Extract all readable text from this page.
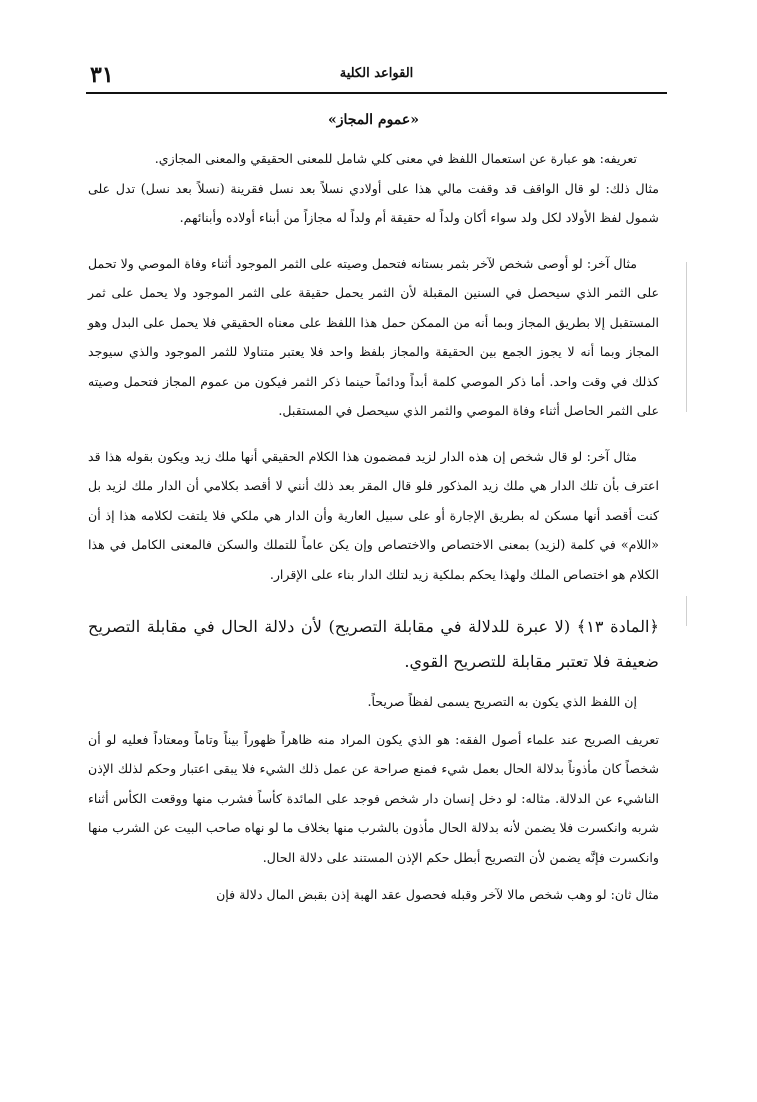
٣١	القواعد الكلية
«عموم المجاز»

تعريفه: هو عبارة عن استعمال اللفظ في معنى كلي شامل للمعنى الحقيقي والمعنى المجازي.

مثال ذلك: لو قال الواقف قد وقفت مالي هذا على أولادي نسلاً بعد نسل فقرينة (نسلاً بعد نسل) تدل على شمول لفظ الأولاد لكل ولد سواء أكان ولداً له حقيقة أم ولداً له مجازاً من أبناء أولاده وأبنائهم.

مثال آخر: لو أوصى شخص لآخر بثمر بستانه فتحمل وصيته على الثمر الموجود أثناء وفاة الموصي ولا تحمل على الثمر الذي سيحصل في السنين المقبلة لأن الثمر يحمل حقيقة على الثمر الموجود ولا يحمل على ثمر المستقبل إلا بطريق المجاز وبما أنه من الممكن حمل هذا اللفظ على معناه الحقيقي فلا يحمل على البدل وهو المجاز وبما أنه لا يجوز الجمع بين الحقيقة والمجاز بلفظ واحد فلا يعتبر متناولا للثمر الموجود والذي سيوجد كذلك في وقت واحد. أما ذكر الموصي كلمة أبداً ودائماً حينما ذكر الثمر فيكون من عموم المجاز فتحمل وصيته على الثمر الحاصل أثناء وفاة الموصي والثمر الذي سيحصل في المستقبل.

مثال آخر: لو قال شخص إن هذه الدار لزيد فمضمون هذا الكلام الحقيقي أنها ملك زيد ويكون بقوله هذا قد اعترف بأن تلك الدار هي ملك زيد المذكور فلو قال المقر بعد ذلك أنني لا أقصد بكلامي أن الدار ملك لزيد بل كنت أقصد أنها مسكن له بطريق الإجارة أو على سبيل العارية وأن الدار هي ملكي فلا يلتفت لكلامه هذا إذ أن «اللام» في كلمة (لزيد) بمعنى الاختصاص والاختصاص وإن يكن عاماً للتملك والسكن فالمعنى الكامل في هذا الكلام هو اختصاص الملك ولهذا يحكم بملكية زيد لتلك الدار بناء على الإقرار.

﴿المادة ١٣﴾ (لا عبرة للدلالة في مقابلة التصريح) لأن دلالة الحال في مقابلة التصريح ضعيفة فلا تعتبر مقابلة للتصريح القوي.

إن اللفظ الذي يكون به التصريح يسمى لفظاً صريحاً.

تعريف الصريح عند علماء أصول الفقه: هو الذي يكون المراد منه ظاهراً ظهوراً بيناً وتاماً ومعتاداً فعليه لو أن شخصاً كان مأذوناً بدلالة الحال بعمل شيء فمنع صراحة عن عمل ذلك الشيء فلا يبقى اعتبار وحكم لذلك الإذن الناشيء عن الدلالة. مثاله: لو دخل إنسان دار شخص فوجد على المائدة كأساً فشرب منها ووقعت الكأس أثناء شربه وانكسرت فلا يضمن لأنه بدلالة الحال مأذون بالشرب منها بخلاف ما لو نهاه صاحب البيت عن الشرب منها وانكسرت فإنَّه يضمن لأن التصريح أبطل حكم الإذن المستند على دلالة الحال.

مثال ثان: لو وهب شخص مالا لآخر وقبله فحصول عقد الهبة إذن بقبض المال دلالة فإن
